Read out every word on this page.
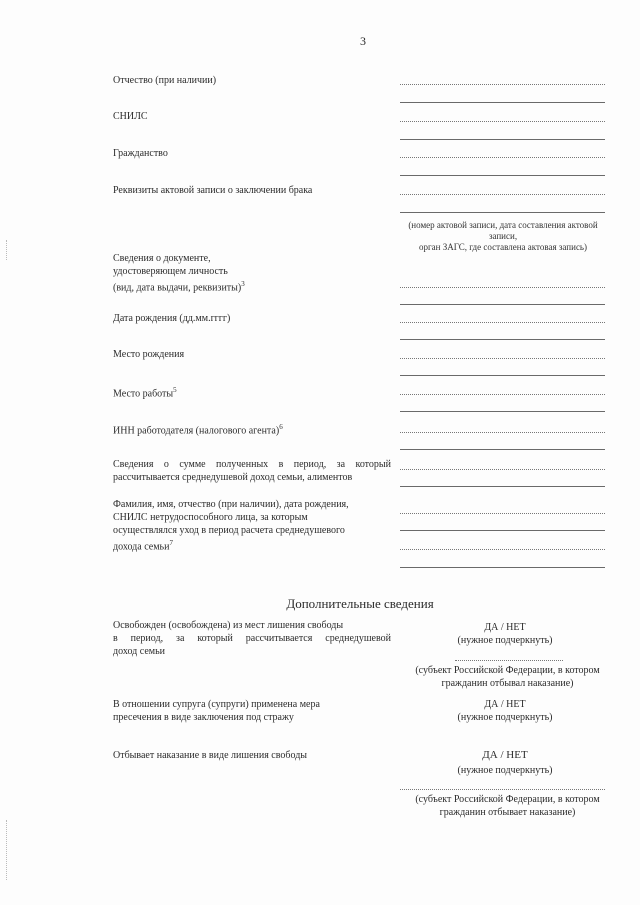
3
Отчество (при наличии)
СНИЛС
Гражданство
Реквизиты актовой записи о заключении брака
(номер актовой записи, дата составления актовой
записи,
орган ЗАГС, где составлена актовая запись)
Сведения о документе,
удостоверяющем личность
(вид, дата выдачи, реквизиты)$^3$
Дата рождения (дд.мм.гггг)
Место рождения
Место работы$^5$
ИНН работодателя (налогового агента)$^6$
Сведения о сумме полученных в период, за который
рассчитывается среднедушевой доход семьи, алиментов
Фамилия, имя, отчество (при наличии), дата рождения,
СНИЛС нетрудоспособного лица, за которым
осуществлялся уход в период расчета среднедушевого
дохода семьи$^7$
Дополнительные сведения
Освобожден (освобождена) из мест лишения свободы
в период, за который рассчитывается среднедушевой
доход семьи
ДА / НЕТ
(нужное подчеркнуть)
(субъект Российской Федерации, в котором
гражданин отбывал наказание)
В отношении супруга (супруги) применена мера
пресечения в виде заключения под стражу
ДА / НЕТ
(нужное подчеркнуть)
Отбывает наказание в виде лишения свободы	ДА / НЕТ
(нужное подчеркнуть)
(субъект Российской Федерации, в котором
гражданин отбывает наказание)
